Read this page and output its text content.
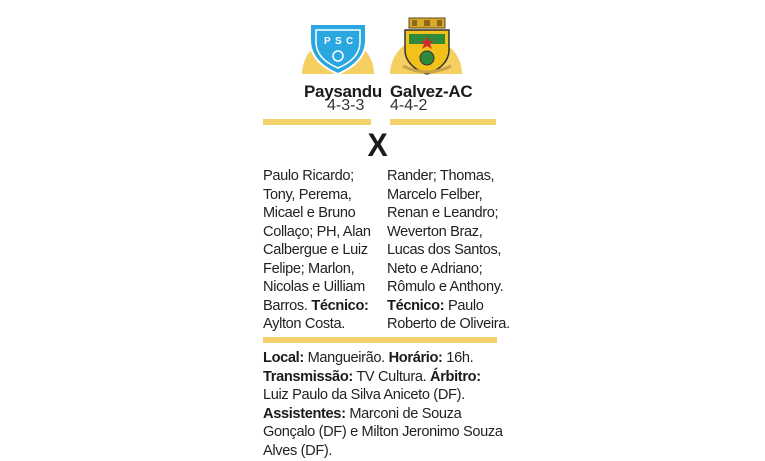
P S C
Paysandu
4-3-3
Galvez-AC
4-4-2
X
Paulo Ricardo; Tony, Perema, Micael e Bruno Collaço; PH, Alan Calbergue e Luiz Felipe; Marlon, Nicolas e Uilliam Barros. Técnico: Aylton Costa.
Rander; Thomas, Marcelo Felber, Renan e Leandro; Weverton Braz, Lucas dos Santos, Neto e Adriano; Rômulo e Anthony. Técnico: Paulo Roberto de Oliveira.
Local: Mangueirão. Horário: 16h. Transmissão: TV Cultura. Árbitro: Luiz Paulo da Silva Aniceto (DF). Assistentes: Marconi de Souza Gonçalo (DF) e Milton Jeronimo Souza Alves (DF).
